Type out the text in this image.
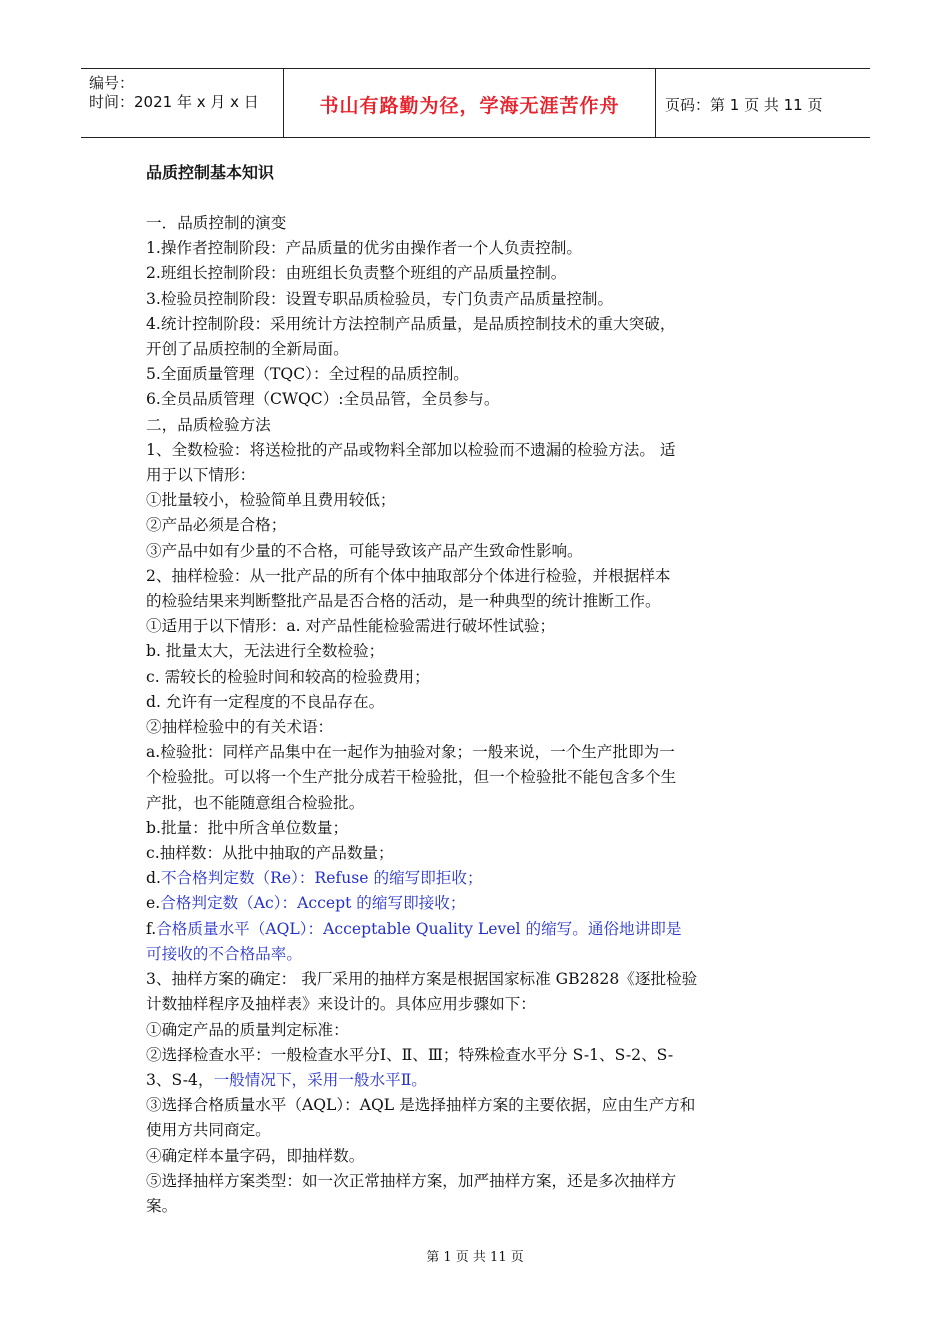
编号：
时间：2021 年 x 月 x 日	书山有路勤为径，学海无涯苦作舟	页码：第 1 页 共 11 页
品质控制基本知识

一．品质控制的演变

1.操作者控制阶段：产品质量的优劣由操作者一个人负责控制。

2.班组长控制阶段：由班组长负责整个班组的产品质量控制。

3.检验员控制阶段：设置专职品质检验员，专门负责产品质量控制。

4.统计控制阶段：采用统计方法控制产品质量，是品质控制技术的重大突破，

开创了品质控制的全新局面。

5.全面质量管理（TQC）：全过程的品质控制。

6.全员品质管理（CWQC）:全员品管，全员参与。

二，品质检验方法

1、全数检验：将送检批的产品或物料全部加以检验而不遗漏的检验方法。 适

用于以下情形：

①批量较小，检验简单且费用较低；

②产品必须是合格；

③产品中如有少量的不合格，可能导致该产品产生致命性影响。

2、抽样检验：从一批产品的所有个体中抽取部分个体进行检验，并根据样本

的检验结果来判断整批产品是否合格的活动，是一种典型的统计推断工作。

①适用于以下情形：a. 对产品性能检验需进行破坏性试验；

b. 批量太大，无法进行全数检验；

c. 需较长的检验时间和较高的检验费用；

d. 允许有一定程度的不良品存在。

②抽样检验中的有关术语：

a.检验批：同样产品集中在一起作为抽验对象；一般来说，一个生产批即为一

个检验批。可以将一个生产批分成若干检验批，但一个检验批不能包含多个生

产批，也不能随意组合检验批。

b.批量：批中所含单位数量；

c.抽样数：从批中抽取的产品数量；

d.不合格判定数（Re）：Refuse 的缩写即拒收；

e.合格判定数（Ac）：Accept 的缩写即接收；

f.合格质量水平（AQL）：Acceptable Quality Level 的缩写。通俗地讲即是

可接收的不合格品率。

3、抽样方案的确定： 我厂采用的抽样方案是根据国家标准 GB2828《逐批检验

计数抽样程序及抽样表》来设计的。具体应用步骤如下：

①确定产品的质量判定标准：

②选择检查水平：一般检查水平分Ⅰ、Ⅱ、Ⅲ；特殊检查水平分 S-1、S-2、S-

3、S-4，一般情况下，采用一般水平Ⅱ。

③选择合格质量水平（AQL）：AQL 是选择抽样方案的主要依据，应由生产方和

使用方共同商定。

④确定样本量字码，即抽样数。

⑤选择抽样方案类型：如一次正常抽样方案，加严抽样方案，还是多次抽样方

案。

第 1 页 共 11 页
